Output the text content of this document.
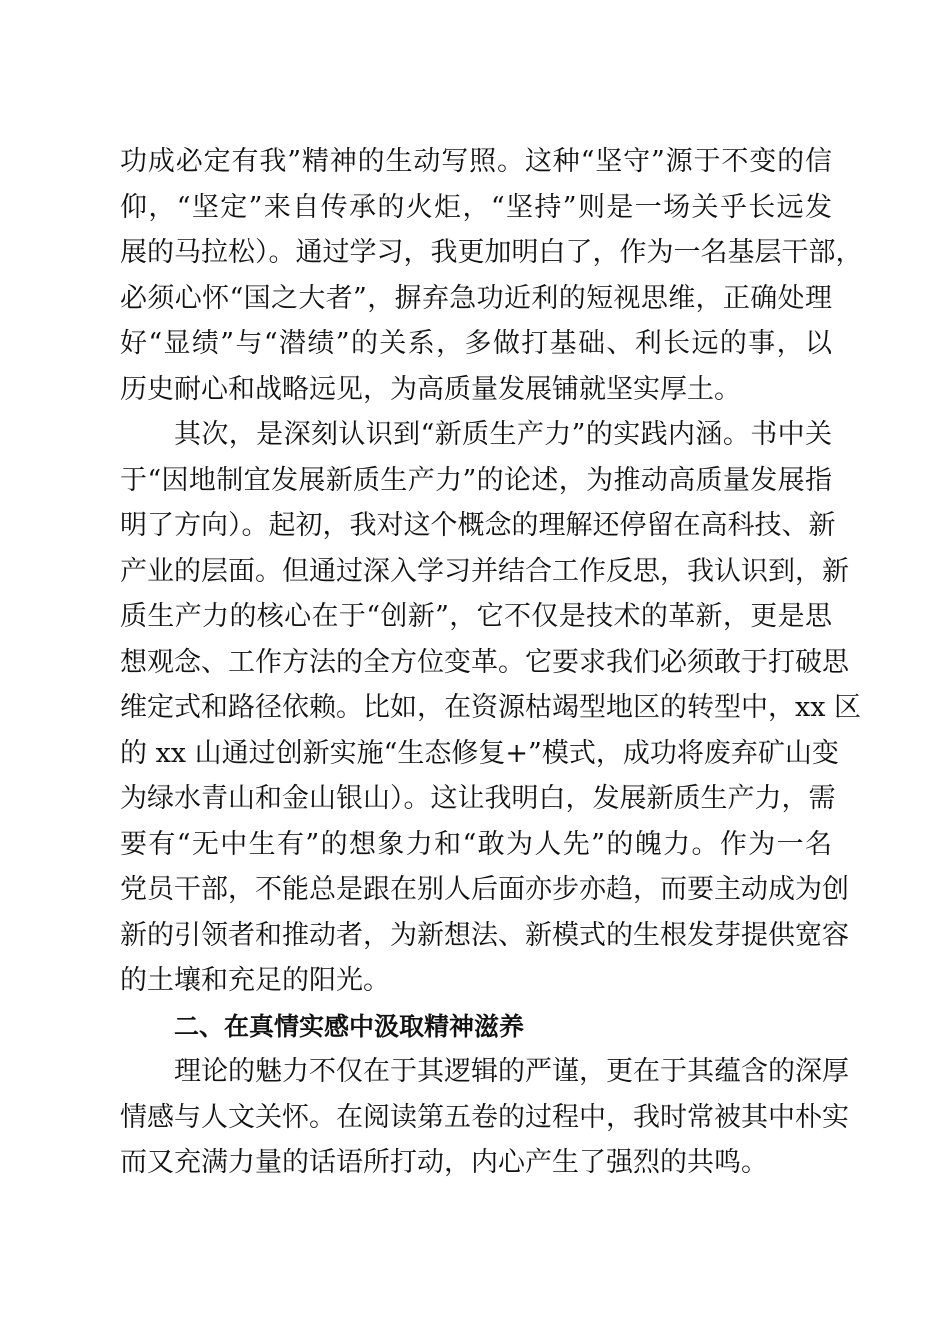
功成必定有我”精神的生动写照。这种“坚守”源于不变的信
仰，“坚定”来自传承的火炬，“坚持”则是一场关乎长远发
展的马拉松）。通过学习，我更加明白了，作为一名基层干部，
必须心怀“国之大者”，摒弃急功近利的短视思维，正确处理
好“显绩”与“潜绩”的关系，多做打基础、利长远的事，以
历史耐心和战略远见，为高质量发展铺就坚实厚土。
其次，是深刻认识到“新质生产力”的实践内涵。书中关
于“因地制宜发展新质生产力”的论述，为推动高质量发展指
明了方向）。起初，我对这个概念的理解还停留在高科技、新
产业的层面。但通过深入学习并结合工作反思，我认识到，新
质生产力的核心在于“创新”，它不仅是技术的革新，更是思
想观念、工作方法的全方位变革。它要求我们必须敢于打破思
维定式和路径依赖。比如，在资源枯竭型地区的转型中，xx 区
的 xx 山通过创新实施“生态修复+”模式，成功将废弃矿山变
为绿水青山和金山银山）。这让我明白，发展新质生产力，需
要有“无中生有”的想象力和“敢为人先”的魄力。作为一名
党员干部，不能总是跟在别人后面亦步亦趋，而要主动成为创
新的引领者和推动者，为新想法、新模式的生根发芽提供宽容
的土壤和充足的阳光。
二、在真情实感中汲取精神滋养
理论的魅力不仅在于其逻辑的严谨，更在于其蕴含的深厚
情感与人文关怀。在阅读第五卷的过程中，我时常被其中朴实
而又充满力量的话语所打动，内心产生了强烈的共鸣。
